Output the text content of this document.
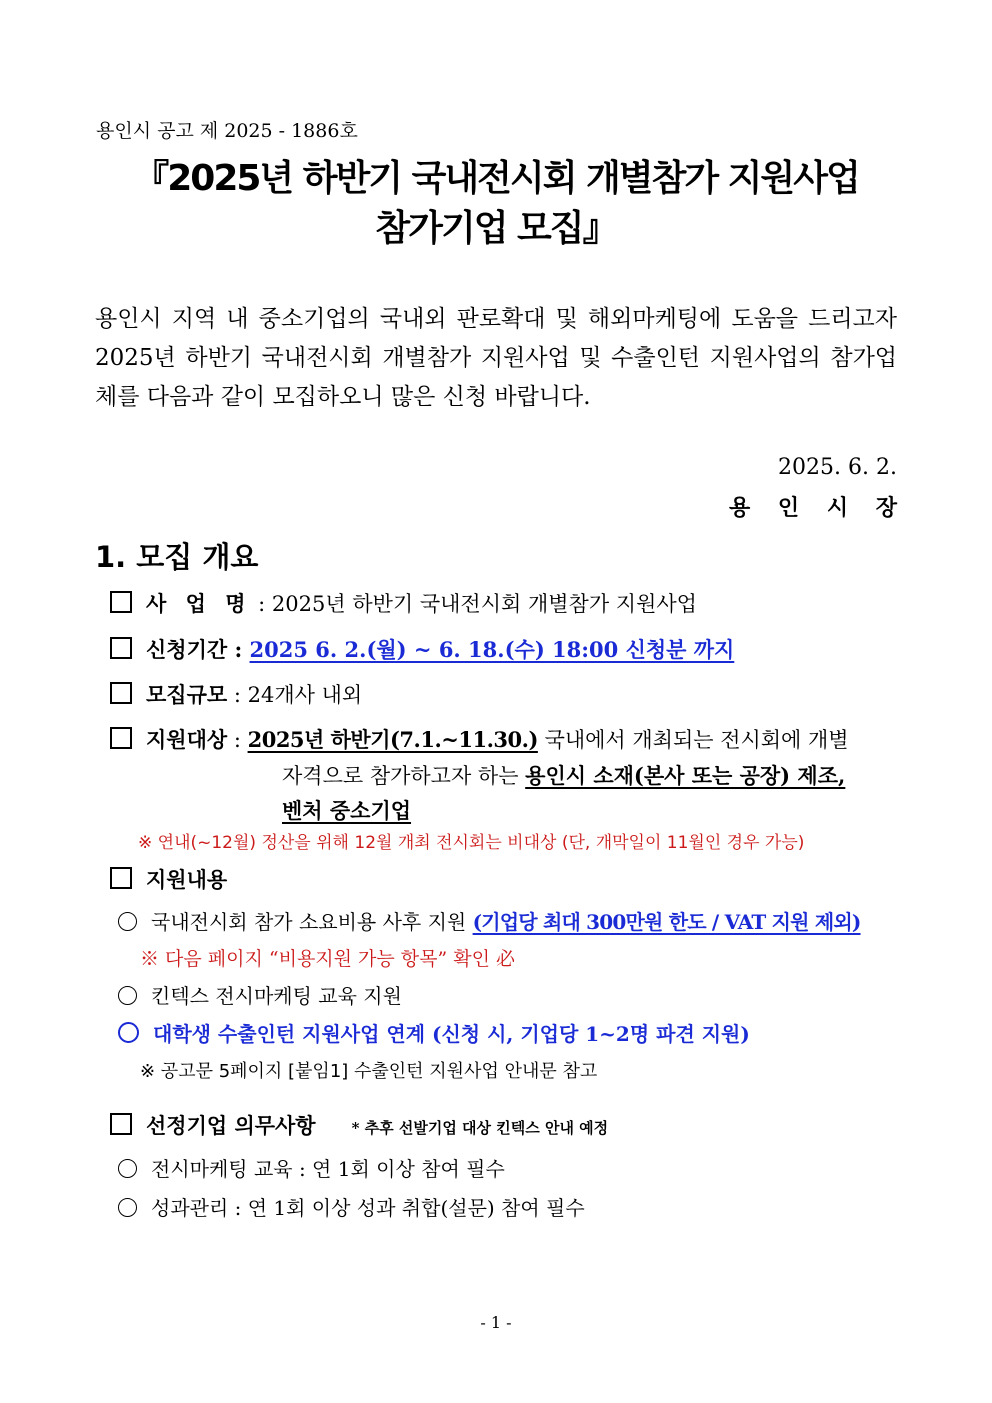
용인시 공고 제 2025 - 1886호
『2025년 하반기 국내전시회 개별참가 지원사업
참가기업 모집』
용인시 지역 내 중소기업의 국내외 판로확대 및 해외마케팅에 도움을 드리고자 2025년 하반기 국내전시회 개별참가 지원사업 및 수출인턴 지원사업의 참가업체를 다음과 같이 모집하오니 많은 신청 바랍니다.
2025. 6. 2.
용 인 시 장
1. 모집 개요
사 업 명 : 2025년 하반기 국내전시회 개별참가 지원사업
신청기간 : 2025 6. 2.(월) ~ 6. 18.(수) 18:00 신청분 까지
모집규모 : 24개사 내외
지원대상 : 2025년 하반기(7.1.~11.30.) 국내에서 개최되는 전시회에 개별
자격으로 참가하고자 하는 용인시 소재(본사 또는 공장) 제조,
벤처 중소기업
※ 연내(~12월) 정산을 위해 12월 개최 전시회는 비대상 (단, 개막일이 11월인 경우 가능)
지원내용
국내전시회 참가 소요비용 사후 지원 (기업당 최대 300만원 한도 / VAT 지원 제외)
※ 다음 페이지 “비용지원 가능 항목” 확인 必
킨텍스 전시마케팅 교육 지원
대학생 수출인턴 지원사업 연계 (신청 시, 기업당 1~2명 파견 지원)
※ 공고문 5페이지 [붙임1] 수출인턴 지원사업 안내문 참고
선정기업 의무사항 * 추후 선발기업 대상 킨텍스 안내 예정
전시마케팅 교육 : 연 1회 이상 참여 필수
성과관리 : 연 1회 이상 성과 취합(설문) 참여 필수
- 1 -
